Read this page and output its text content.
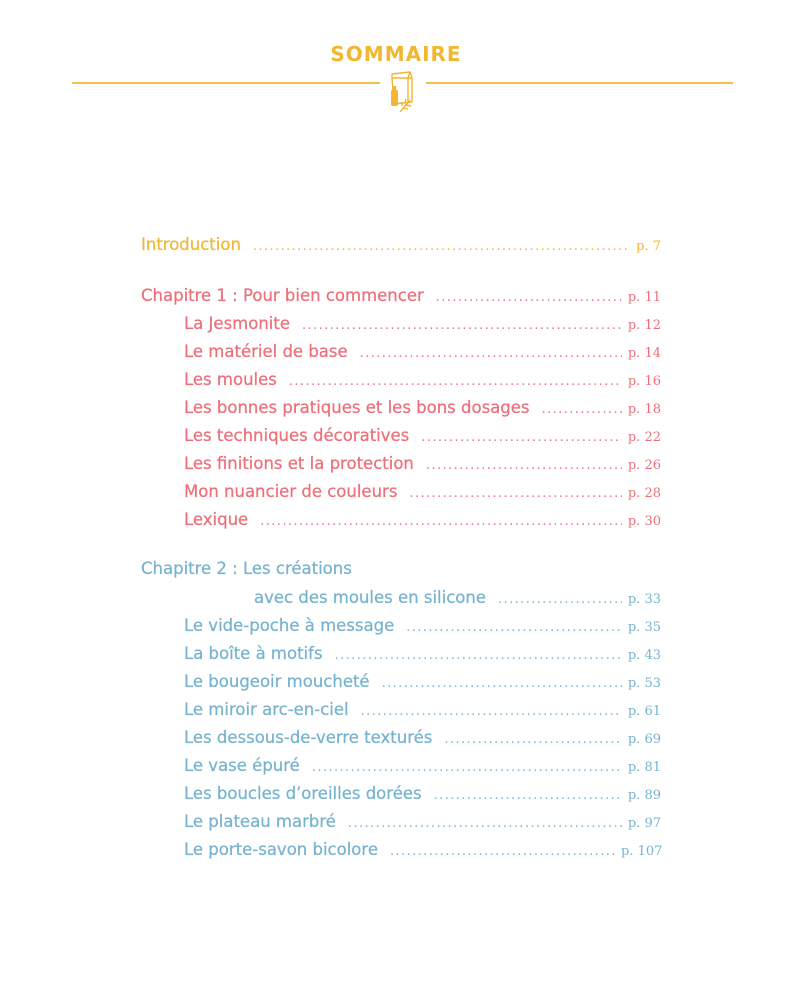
SOMMAIRE
Introduction .....	p. 7
Chapitre 1 : Pour bien commencer .....	p. 11
La Jesmonite .....	p. 12
Le matériel de base .....	p. 14
Les moules .....	p. 16
Les bonnes pratiques et les bons dosages .....	p. 18
Les techniques décoratives .....	p. 22
Les finitions et la protection .....	p. 26
Mon nuancier de couleurs .....	p. 28
Lexique .....	p. 30
Chapitre 2 : Les créations
avec des moules en silicone .....	p. 33
Le vide-poche à message .....	p. 35
La boîte à motifs .....	p. 43
Le bougeoir moucheté .....	p. 53
Le miroir arc-en-ciel .....	p. 61
Les dessous-de-verre texturés .....	p. 69
Le vase épuré .....	p. 81
Les boucles d’oreilles dorées .....	p. 89
Le plateau marbré .....	p. 97
Le porte-savon bicolore .....	p. 107
